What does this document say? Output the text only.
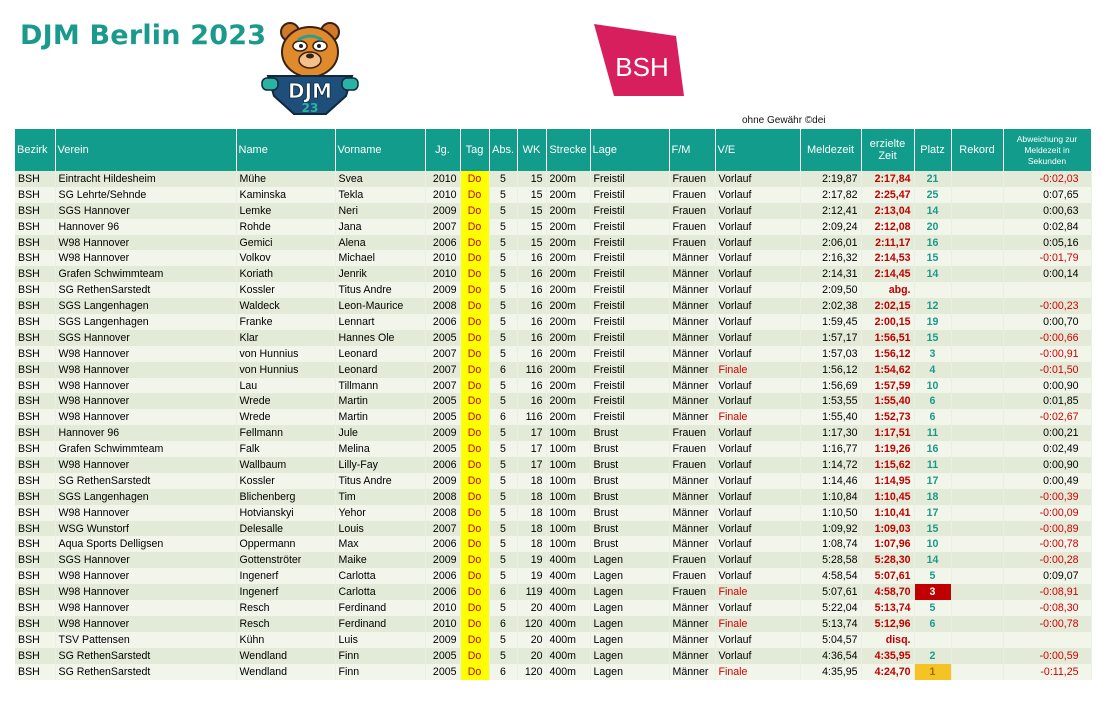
DJM Berlin 2023
DJM
23
BSH
ohne Gewähr ©dei
Bezirk	Verein	Name	Vorname	Jg.	Tag	Abs.	WK	Strecke	Lage	F/M	V/E	Meldezeit	erzielte Zeit	Platz	Rekord	Abweichung zur Meldezeit in Sekunden
BSH	Eintracht Hildesheim	Mühe	Svea	2010	Do	5	15	200m	Freistil	Frauen	Vorlauf	2:19,87	2:17,84	21		-0:02,03
BSH	SG Lehrte/Sehnde	Kaminska	Tekla	2010	Do	5	15	200m	Freistil	Frauen	Vorlauf	2:17,82	2:25,47	25		0:07,65
BSH	SGS Hannover	Lemke	Neri	2009	Do	5	15	200m	Freistil	Frauen	Vorlauf	2:12,41	2:13,04	14		0:00,63
BSH	Hannover 96	Rohde	Jana	2007	Do	5	15	200m	Freistil	Frauen	Vorlauf	2:09,24	2:12,08	20		0:02,84
BSH	W98 Hannover	Gemici	Alena	2006	Do	5	15	200m	Freistil	Frauen	Vorlauf	2:06,01	2:11,17	16		0:05,16
BSH	W98 Hannover	Volkov	Michael	2010	Do	5	16	200m	Freistil	Männer	Vorlauf	2:16,32	2:14,53	15		-0:01,79
BSH	Grafen Schwimmteam	Koriath	Jenrik	2010	Do	5	16	200m	Freistil	Männer	Vorlauf	2:14,31	2:14,45	14		0:00,14
BSH	SG RethenSarstedt	Kossler	Titus Andre	2009	Do	5	16	200m	Freistil	Männer	Vorlauf	2:09,50	abg.			
BSH	SGS Langenhagen	Waldeck	Leon-Maurice	2008	Do	5	16	200m	Freistil	Männer	Vorlauf	2:02,38	2:02,15	12		-0:00,23
BSH	SGS Langenhagen	Franke	Lennart	2006	Do	5	16	200m	Freistil	Männer	Vorlauf	1:59,45	2:00,15	19		0:00,70
BSH	SGS Hannover	Klar	Hannes Ole	2005	Do	5	16	200m	Freistil	Männer	Vorlauf	1:57,17	1:56,51	15		-0:00,66
BSH	W98 Hannover	von Hunnius	Leonard	2007	Do	5	16	200m	Freistil	Männer	Vorlauf	1:57,03	1:56,12	3		-0:00,91
BSH	W98 Hannover	von Hunnius	Leonard	2007	Do	6	116	200m	Freistil	Männer	Finale	1:56,12	1:54,62	4		-0:01,50
BSH	W98 Hannover	Lau	Tillmann	2007	Do	5	16	200m	Freistil	Männer	Vorlauf	1:56,69	1:57,59	10		0:00,90
BSH	W98 Hannover	Wrede	Martin	2005	Do	5	16	200m	Freistil	Männer	Vorlauf	1:53,55	1:55,40	6		0:01,85
BSH	W98 Hannover	Wrede	Martin	2005	Do	6	116	200m	Freistil	Männer	Finale	1:55,40	1:52,73	6		-0:02,67
BSH	Hannover 96	Fellmann	Jule	2009	Do	5	17	100m	Brust	Frauen	Vorlauf	1:17,30	1:17,51	11		0:00,21
BSH	Grafen Schwimmteam	Falk	Melina	2005	Do	5	17	100m	Brust	Frauen	Vorlauf	1:16,77	1:19,26	16		0:02,49
BSH	W98 Hannover	Wallbaum	Lilly-Fay	2006	Do	5	17	100m	Brust	Frauen	Vorlauf	1:14,72	1:15,62	11		0:00,90
BSH	SG RethenSarstedt	Kossler	Titus Andre	2009	Do	5	18	100m	Brust	Männer	Vorlauf	1:14,46	1:14,95	17		0:00,49
BSH	SGS Langenhagen	Blichenberg	Tim	2008	Do	5	18	100m	Brust	Männer	Vorlauf	1:10,84	1:10,45	18		-0:00,39
BSH	W98 Hannover	Hotvianskyi	Yehor	2008	Do	5	18	100m	Brust	Männer	Vorlauf	1:10,50	1:10,41	17		-0:00,09
BSH	WSG Wunstorf	Delesalle	Louis	2007	Do	5	18	100m	Brust	Männer	Vorlauf	1:09,92	1:09,03	15		-0:00,89
BSH	Aqua Sports Delligsen	Oppermann	Max	2006	Do	5	18	100m	Brust	Männer	Vorlauf	1:08,74	1:07,96	10		-0:00,78
BSH	SGS Hannover	Gottenströter	Maike	2009	Do	5	19	400m	Lagen	Frauen	Vorlauf	5:28,58	5:28,30	14		-0:00,28
BSH	W98 Hannover	Ingenerf	Carlotta	2006	Do	5	19	400m	Lagen	Frauen	Vorlauf	4:58,54	5:07,61	5		0:09,07
BSH	W98 Hannover	Ingenerf	Carlotta	2006	Do	6	119	400m	Lagen	Frauen	Finale	5:07,61	4:58,70	3		-0:08,91
BSH	W98 Hannover	Resch	Ferdinand	2010	Do	5	20	400m	Lagen	Männer	Vorlauf	5:22,04	5:13,74	5		-0:08,30
BSH	W98 Hannover	Resch	Ferdinand	2010	Do	6	120	400m	Lagen	Männer	Finale	5:13,74	5:12,96	6		-0:00,78
BSH	TSV Pattensen	Kühn	Luis	2009	Do	5	20	400m	Lagen	Männer	Vorlauf	5:04,57	disq.			
BSH	SG RethenSarstedt	Wendland	Finn	2005	Do	5	20	400m	Lagen	Männer	Vorlauf	4:36,54	4:35,95	2		-0:00,59
BSH	SG RethenSarstedt	Wendland	Finn	2005	Do	6	120	400m	Lagen	Männer	Finale	4:35,95	4:24,70	1		-0:11,25
